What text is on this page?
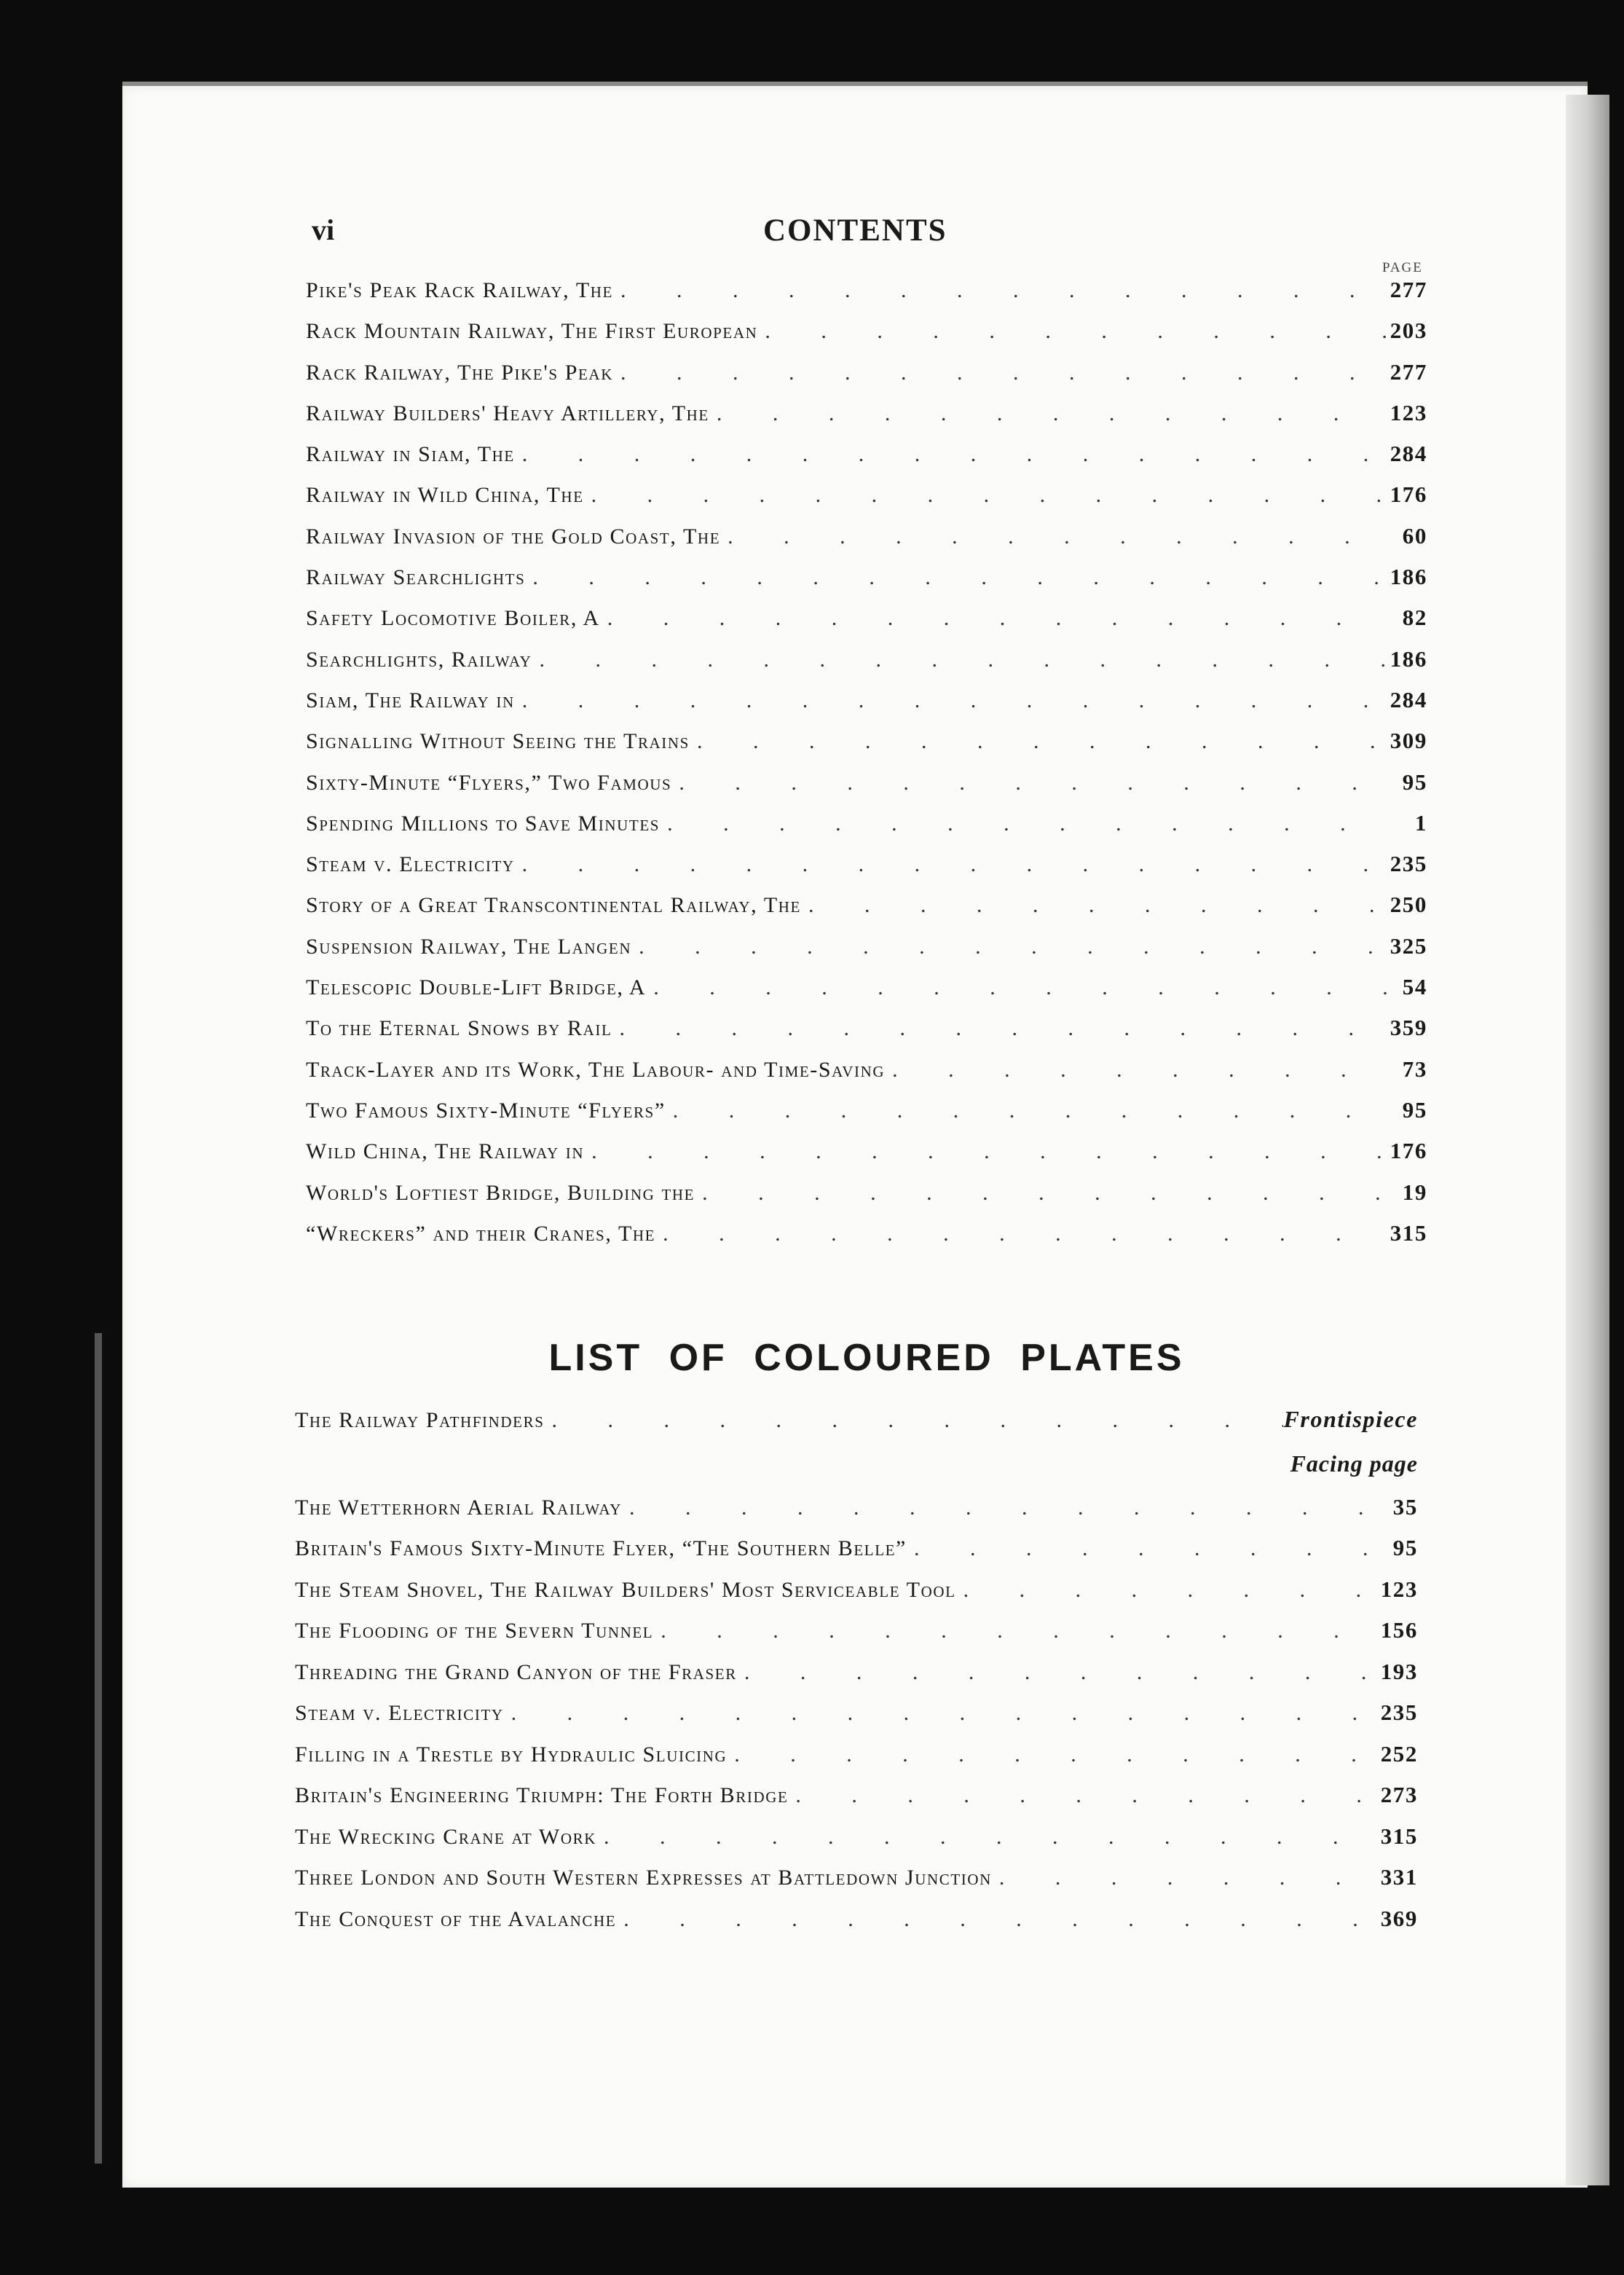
vi	CONTENTS
PAGE
Pike's Peak Rack Railway, The . . .	277
Rack Mountain Railway, The First European . . .	203
Rack Railway, The Pike's Peak . . .	277
Railway Builders' Heavy Artillery, The . . .	123
Railway in Siam, The . . .	284
Railway in Wild China, The . . .	176
Railway Invasion of the Gold Coast, The . . .	60
Railway Searchlights . . .	186
Safety Locomotive Boiler, A . . .	82
Searchlights, Railway . . .	186
Siam, The Railway in . . .	284
Signalling Without Seeing the Trains . . .	309
Sixty-Minute “Flyers,” Two Famous . . .	95
Spending Millions to Save Minutes . . .	1
Steam v. Electricity . . .	235
Story of a Great Transcontinental Railway, The . . .	250
Suspension Railway, The Langen . . .	325
Telescopic Double-Lift Bridge, A . . .	54
To the Eternal Snows by Rail . . .	359
Track-Layer and its Work, The Labour- and Time-Saving . . .	73
Two Famous Sixty-Minute “Flyers” . . .	95
Wild China, The Railway in . . .	176
World's Loftiest Bridge, Building the . . .	19
“Wreckers” and their Cranes, The . . .	315
LIST OF COLOURED PLATES
The Railway Pathfinders . . .	Frontispiece
Facing page
The Wetterhorn Aerial Railway . . .	35
Britain's Famous Sixty-Minute Flyer, “The Southern Belle” . . .	95
The Steam Shovel, The Railway Builders' Most Serviceable Tool . . .	123
The Flooding of the Severn Tunnel . . .	156
Threading the Grand Canyon of the Fraser . . .	193
Steam v. Electricity . . .	235
Filling in a Trestle by Hydraulic Sluicing . . .	252
Britain's Engineering Triumph: The Forth Bridge . . .	273
The Wrecking Crane at Work . . .	315
Three London and South Western Expresses at Battledown Junction . . .	331
The Conquest of the Avalanche . . .	369
